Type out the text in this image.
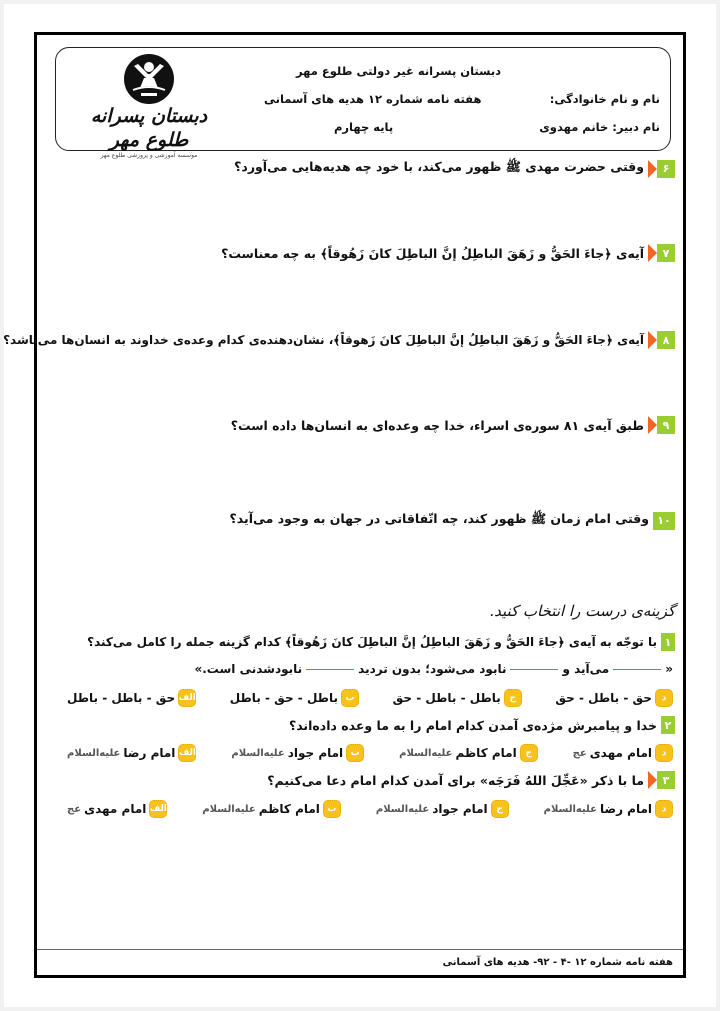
دبستان پسرانه طلوع مهر
موسسه آموزشی و پرورشی طلوع مهر
دبستان پسرانه غیر دولتی طلوع مهر
هفته نامه شماره ۱۲ هدیه های آسمانی
پایه چهارم
نام و نام خانوادگی:
نام دبیر: خانم مهدوی
۶
وقتی حضرت مهدی ﷺ ظهور می‌کند، با خود چه هدیه‌هایی می‌آورد؟
۷
آیه‌ی ﴿جاءَ الحَقُّ و زَهَقَ الباطِلُ إنَّ الباطِلَ کانَ زَهُوقاً﴾ به چه معناست؟
۸
آیه‌ی ﴿جاءَ الحَقُّ و زَهَقَ الباطِلُ إنَّ الباطِلَ کانَ زَهوقاً﴾، نشان‌دهنده‌ی کدام وعده‌ی خداوند به انسان‌ها می‌باشد؟
۹
طبق آیه‌ی ۸۱ سوره‌ی اسراء، خدا چه وعده‌ای به انسان‌ها داده است؟
۱۰
وقتی امام زمان ﷺ ظهور کند، چه اتّفاقاتی در جهان به وجود می‌آید؟
گزینه‌ی درست را انتخاب کنید.
۱
با توجّه به آیه‌ی ﴿جاءَ الحَقُّ و زَهَقَ الباطِلُ إنَّ الباطِلَ کانَ زَهُوقاً﴾ کدام گزینه جمله را کامل می‌کند؟
«می‌آید ونابود می‌شود؛ بدون تردیدنابودشدنی است.»
الف
حق - باطل - باطل	ب
باطل - حق - باطل	ج
باطل - باطل - حق	د
حق - باطل - حق
۲
خدا و پیامبرش مژده‌ی آمدن کدام امام را به ما وعده داده‌اند؟
الف
امام رضا
علیه‌السلام	ب
امام جواد
علیه‌السلام	ج
امام کاظم
علیه‌السلام	د
امام مهدی
عج
۳
ما با ذکر «عَجِّلَ اللهُ فَرَجَه» برای آمدن کدام امام دعا می‌کنیم؟
الف
امام مهدی
عج	ب
امام کاظم
علیه‌السلام	ج
امام جواد
علیه‌السلام	د
امام رضا
علیه‌السلام
هفته نامه شماره ۱۲ -۴ - ۹۲- هدیه های آسمانی
